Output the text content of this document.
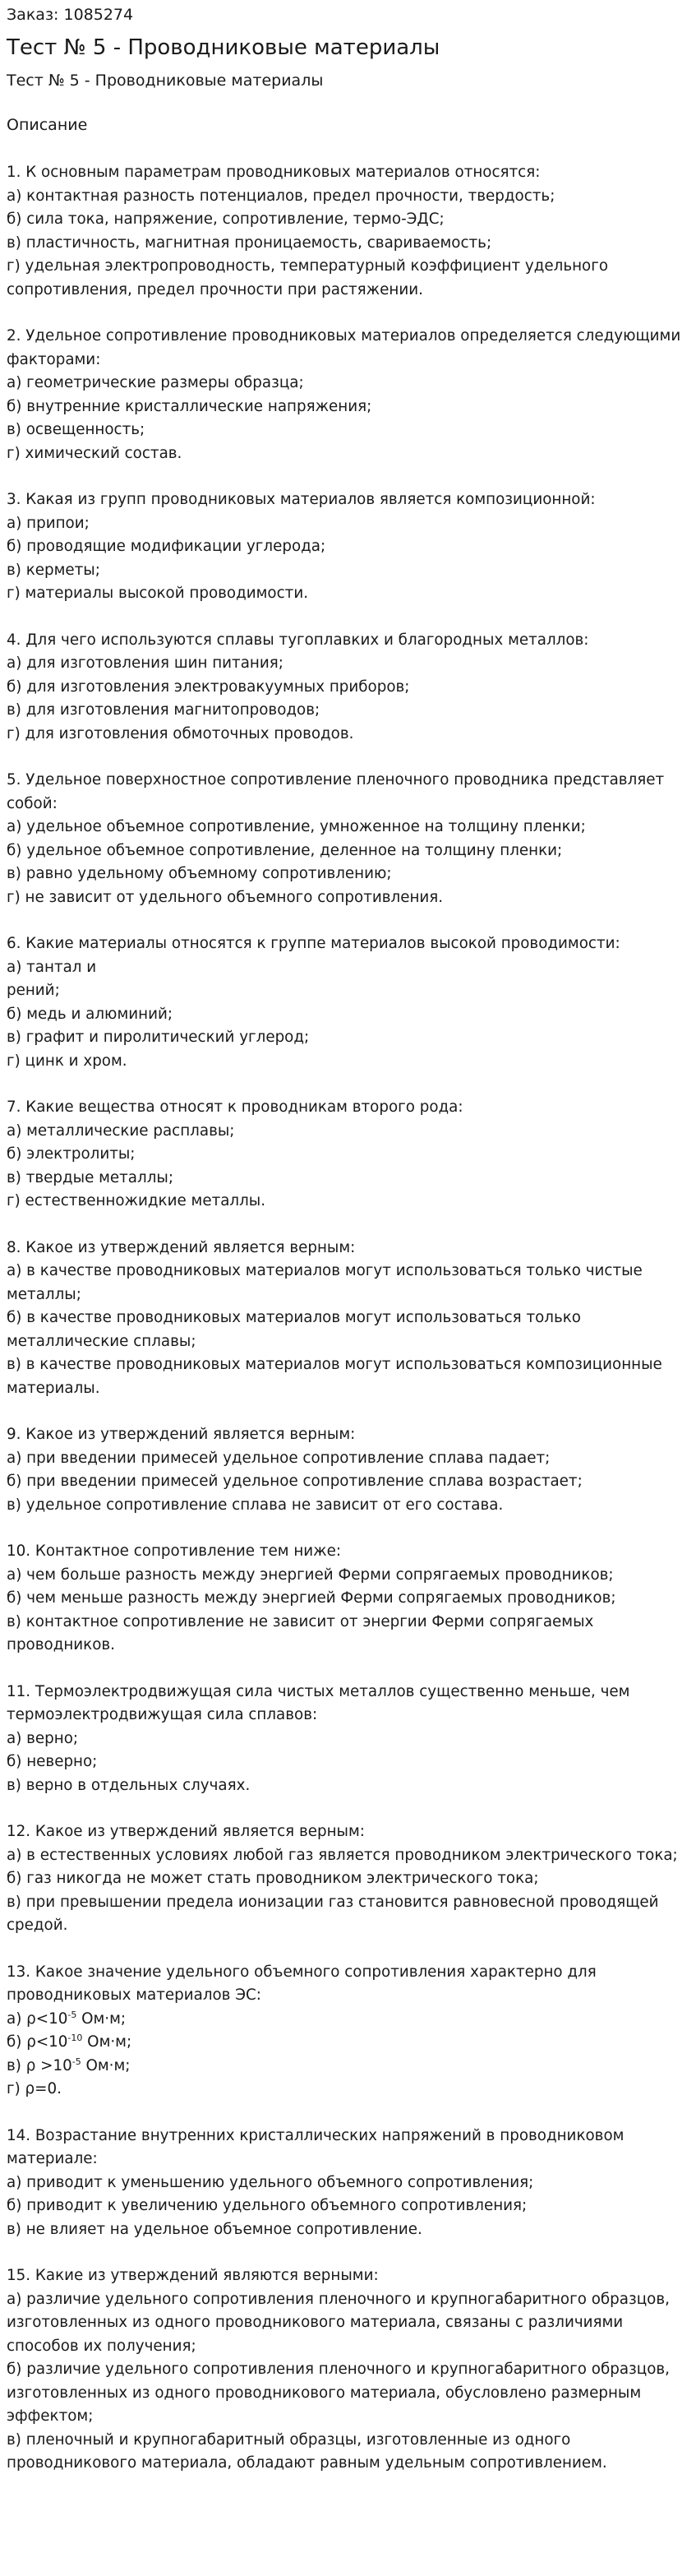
Заказ: 1085274
Тест № 5 - Проводниковые материалы
Тест № 5 - Проводниковые материалы
Описание

1. К основным параметрам проводниковых материалов относятся:

а) контактная разность потенциалов, предел прочности, твердость;

б) сила тока, напряжение, сопротивление, термо-ЭДС;

в) пластичность, магнитная проницаемость, свариваемость;

г) удельная электропроводность, температурный коэффициент удельного сопротивления, предел прочности при растяжении.

2. Удельное сопротивление проводниковых материалов определяется следующими факторами:

а) геометрические размеры образца;

б) внутренние кристаллические напряжения;

в) освещенность;

г) химический состав.

3. Какая из групп проводниковых материалов является композиционной:

а) припои;

б) проводящие модификации углерода;

в) керметы;

г) материалы высокой проводимости.

4. Для чего используются сплавы тугоплавких и благородных металлов:

а) для изготовления шин питания;

б) для изготовления электровакуумных приборов;

в) для изготовления магнитопроводов;

г) для изготовления обмоточных проводов.

5. Удельное поверхностное сопротивление пленочного проводника представляет собой:

а) удельное объемное сопротивление, умноженное на толщину пленки;

б) удельное объемное сопротивление, деленное на толщину пленки;

в) равно удельному объемному сопротивлению;

г) не зависит от удельного объемного сопротивления.

6. Какие материалы относятся к группе материалов высокой проводимости:

а) тантал и

рений;

б) медь и алюминий;

в) графит и пиролитический углерод;

г) цинк и хром.

7. Какие вещества относят к проводникам второго рода:

а) металлические расплавы;

б) электролиты;

в) твердые металлы;

г) естественножидкие металлы.

8. Какое из утверждений является верным:

а) в качестве проводниковых материалов могут использоваться только чистые металлы;

б) в качестве проводниковых материалов могут использоваться только металлические сплавы;

в) в качестве проводниковых материалов могут использоваться композиционные материалы.

9. Какое из утверждений является верным:

а) при введении примесей удельное сопротивление сплава падает;

б) при введении примесей удельное сопротивление сплава возрастает;

в) удельное сопротивление сплава не зависит от его состава.

10. Контактное сопротивление тем ниже:

а) чем больше разность между энергией Ферми сопрягаемых проводников;

б) чем меньше разность между энергией Ферми сопрягаемых проводников;

в) контактное сопротивление не зависит от энергии Ферми сопрягаемых проводников.

11. Термоэлектродвижущая сила чистых металлов существенно меньше, чем термоэлектродвижущая сила сплавов:

а) верно;

б) неверно;

в) верно в отдельных случаях.

12. Какое из утверждений является верным:

а) в естественных условиях любой газ является проводником электрического тока;

б) газ никогда не может стать проводником электрического тока;

в) при превышении предела ионизации газ становится равновесной проводящей средой.

13. Какое значение удельного объемного сопротивления характерно для проводниковых материалов ЭС:

а) $\rho<10^{-5}$ Ом·м;

б) $\rho<10^{-10}$ Ом·м;

в) $\rho >10^{-5}$ Ом·м;

г) ρ=0.

14. Возрастание внутренних кристаллических напряжений в проводниковом материале:

а) приводит к уменьшению удельного объемного сопротивления;

б) приводит к увеличению удельного объемного сопротивления;

в) не влияет на удельное объемное сопротивление.

15. Какие из утверждений являются верными:

а) различие удельного сопротивления пленочного и крупногабаритного образцов, изготовленных из одного проводникового материала, связаны с различиями способов их получения;

б) различие удельного сопротивления пленочного и крупногабаритного образцов, изготовленных из одного проводникового материала, обусловлено размерным эффектом;

в) пленочный и крупногабаритный образцы, изготовленные из одного проводникового материала, обладают равным удельным сопротивлением.
